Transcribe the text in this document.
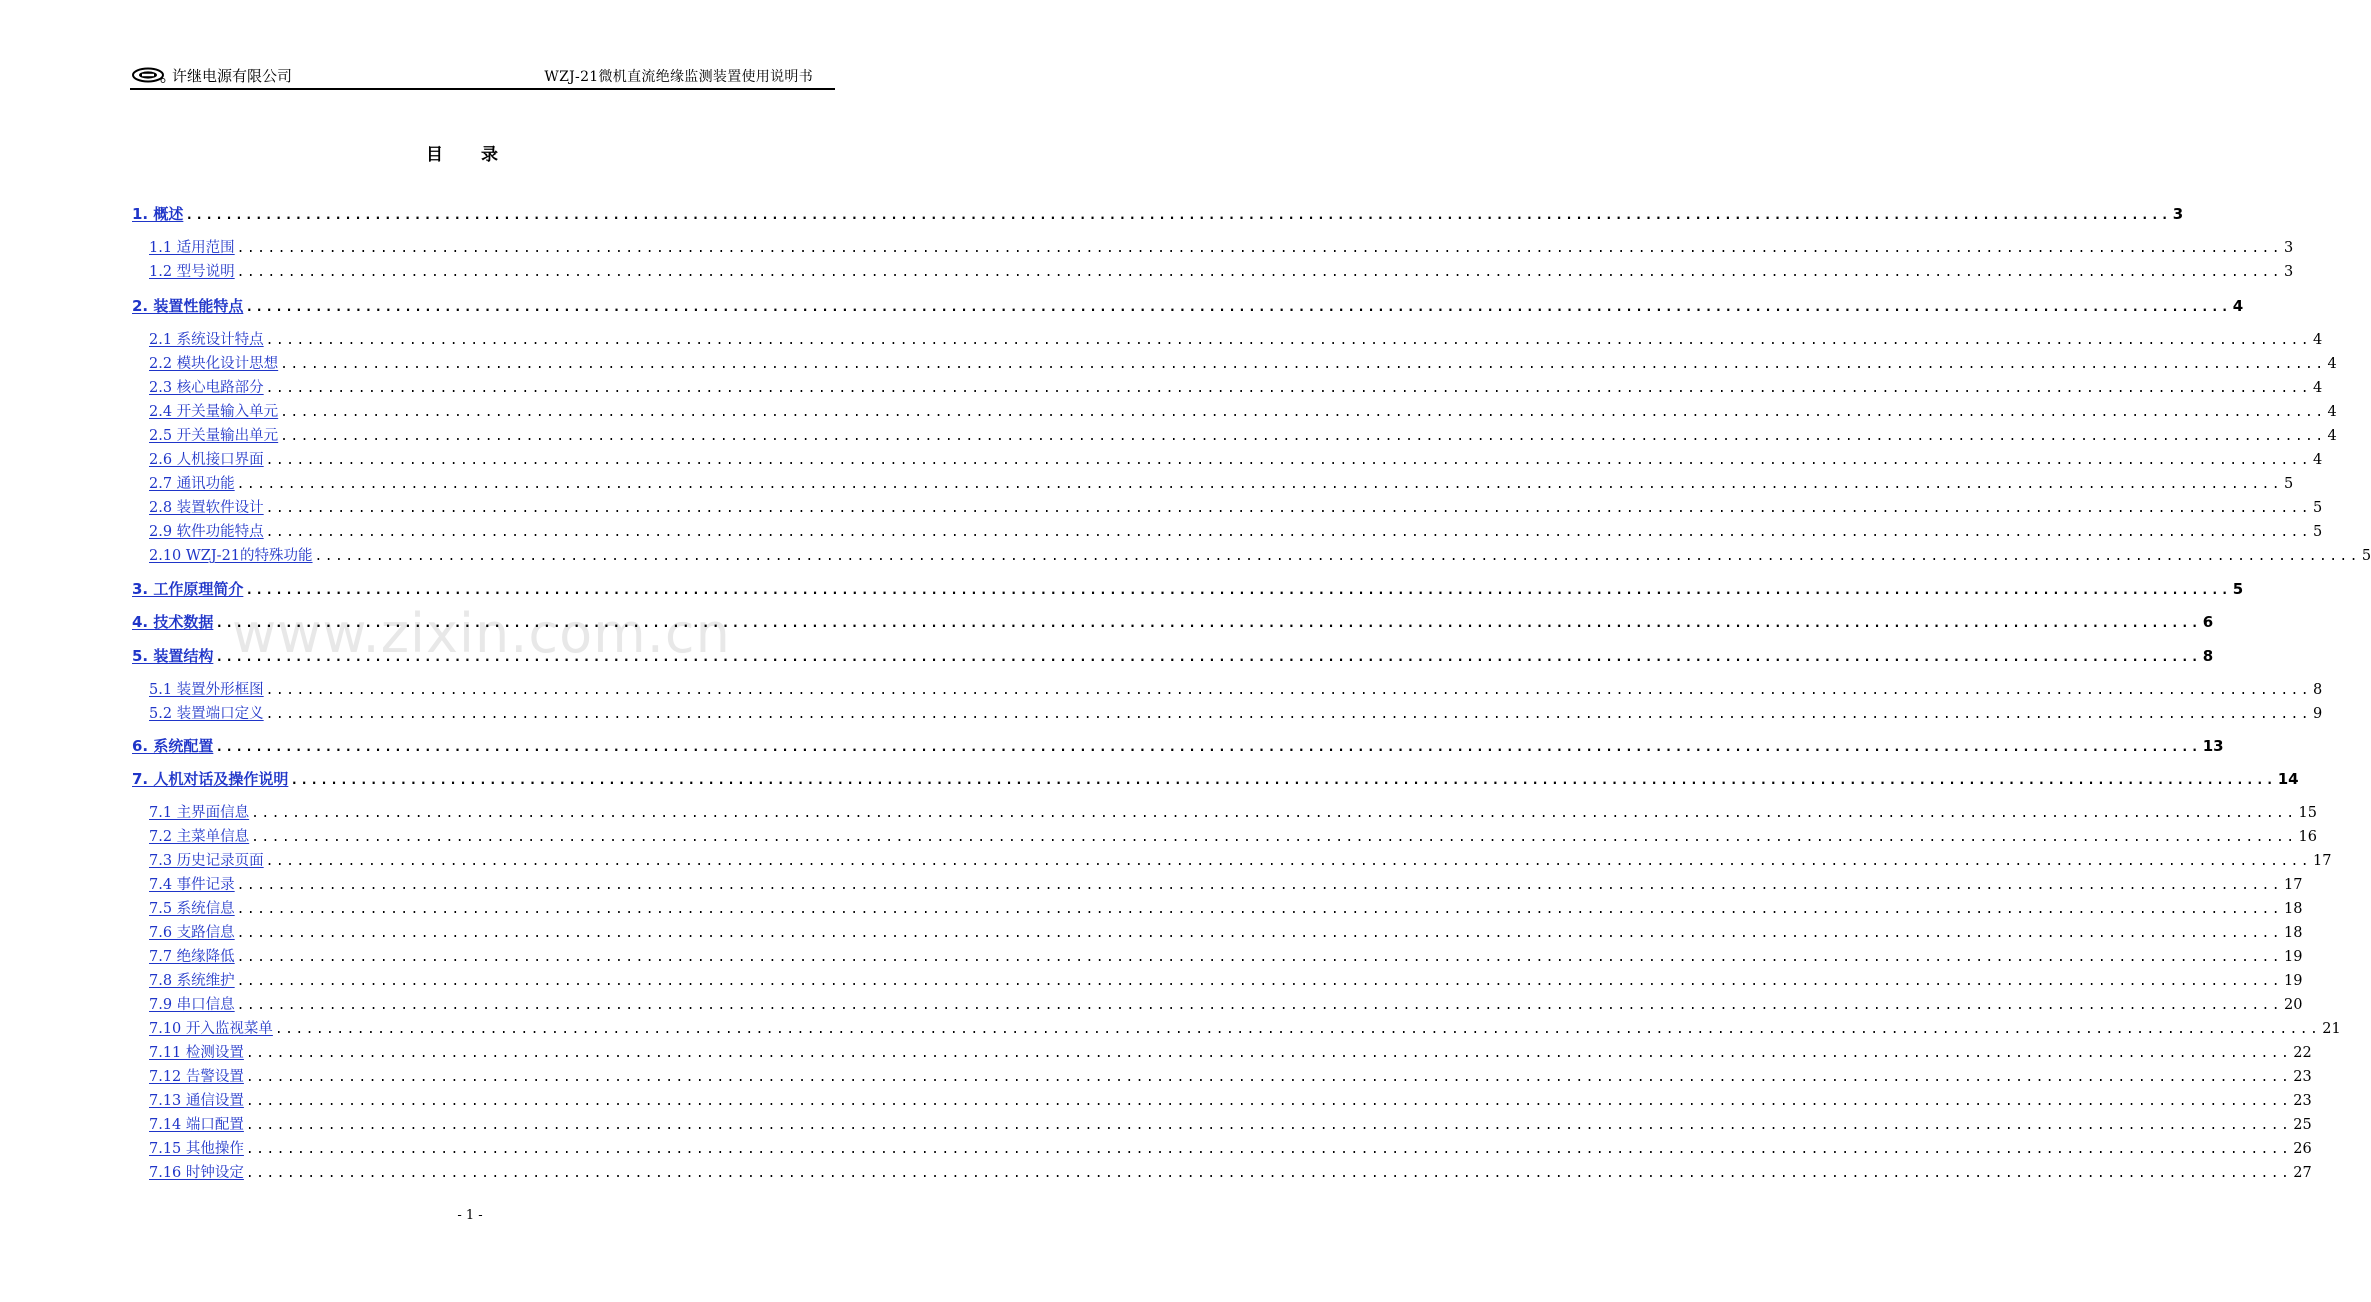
许继电源有限公司	WZJ-21微机直流绝缘监测装置使用说明书
目 录
www.zixin.com.cn
1. 概述 ........................................................................................................................................................................................................ 3
1.1 适用范围 ........................................................................................................................................................................................................ 3
1.2 型号说明 ........................................................................................................................................................................................................ 3
2. 装置性能特点 ........................................................................................................................................................................................................ 4
2.1 系统设计特点 ........................................................................................................................................................................................................ 4
2.2 模块化设计思想 ........................................................................................................................................................................................................ 4
2.3 核心电路部分 ........................................................................................................................................................................................................ 4
2.4 开关量输入单元 ........................................................................................................................................................................................................ 4
2.5 开关量输出单元 ........................................................................................................................................................................................................ 4
2.6 人机接口界面 ........................................................................................................................................................................................................ 4
2.7 通讯功能 ........................................................................................................................................................................................................ 5
2.8 装置软件设计 ........................................................................................................................................................................................................ 5
2.9 软件功能特点 ........................................................................................................................................................................................................ 5
2.10 WZJ-21的特殊功能 ........................................................................................................................................................................................................ 5
3. 工作原理简介 ........................................................................................................................................................................................................ 5
4. 技术数据 ........................................................................................................................................................................................................ 6
5. 装置结构 ........................................................................................................................................................................................................ 8
5.1 装置外形框图 ........................................................................................................................................................................................................ 8
5.2 装置端口定义 ........................................................................................................................................................................................................ 9
6. 系统配置 ........................................................................................................................................................................................................ 13
7. 人机对话及操作说明 ........................................................................................................................................................................................................ 14
7.1 主界面信息 ........................................................................................................................................................................................................ 15
7.2 主菜单信息 ........................................................................................................................................................................................................ 16
7.3 历史记录页面 ........................................................................................................................................................................................................ 17
7.4 事件记录 ........................................................................................................................................................................................................ 17
7.5 系统信息 ........................................................................................................................................................................................................ 18
7.6 支路信息 ........................................................................................................................................................................................................ 18
7.7 绝缘降低 ........................................................................................................................................................................................................ 19
7.8 系统维护 ........................................................................................................................................................................................................ 19
7.9 串口信息 ........................................................................................................................................................................................................ 20
7.10 开入监视菜单 ........................................................................................................................................................................................................ 21
7.11 检测设置 ........................................................................................................................................................................................................ 22
7.12 告警设置 ........................................................................................................................................................................................................ 23
7.13 通信设置 ........................................................................................................................................................................................................ 23
7.14 端口配置 ........................................................................................................................................................................................................ 25
7.15 其他操作 ........................................................................................................................................................................................................ 26
7.16 时钟设定 ........................................................................................................................................................................................................ 27
- 1 -
